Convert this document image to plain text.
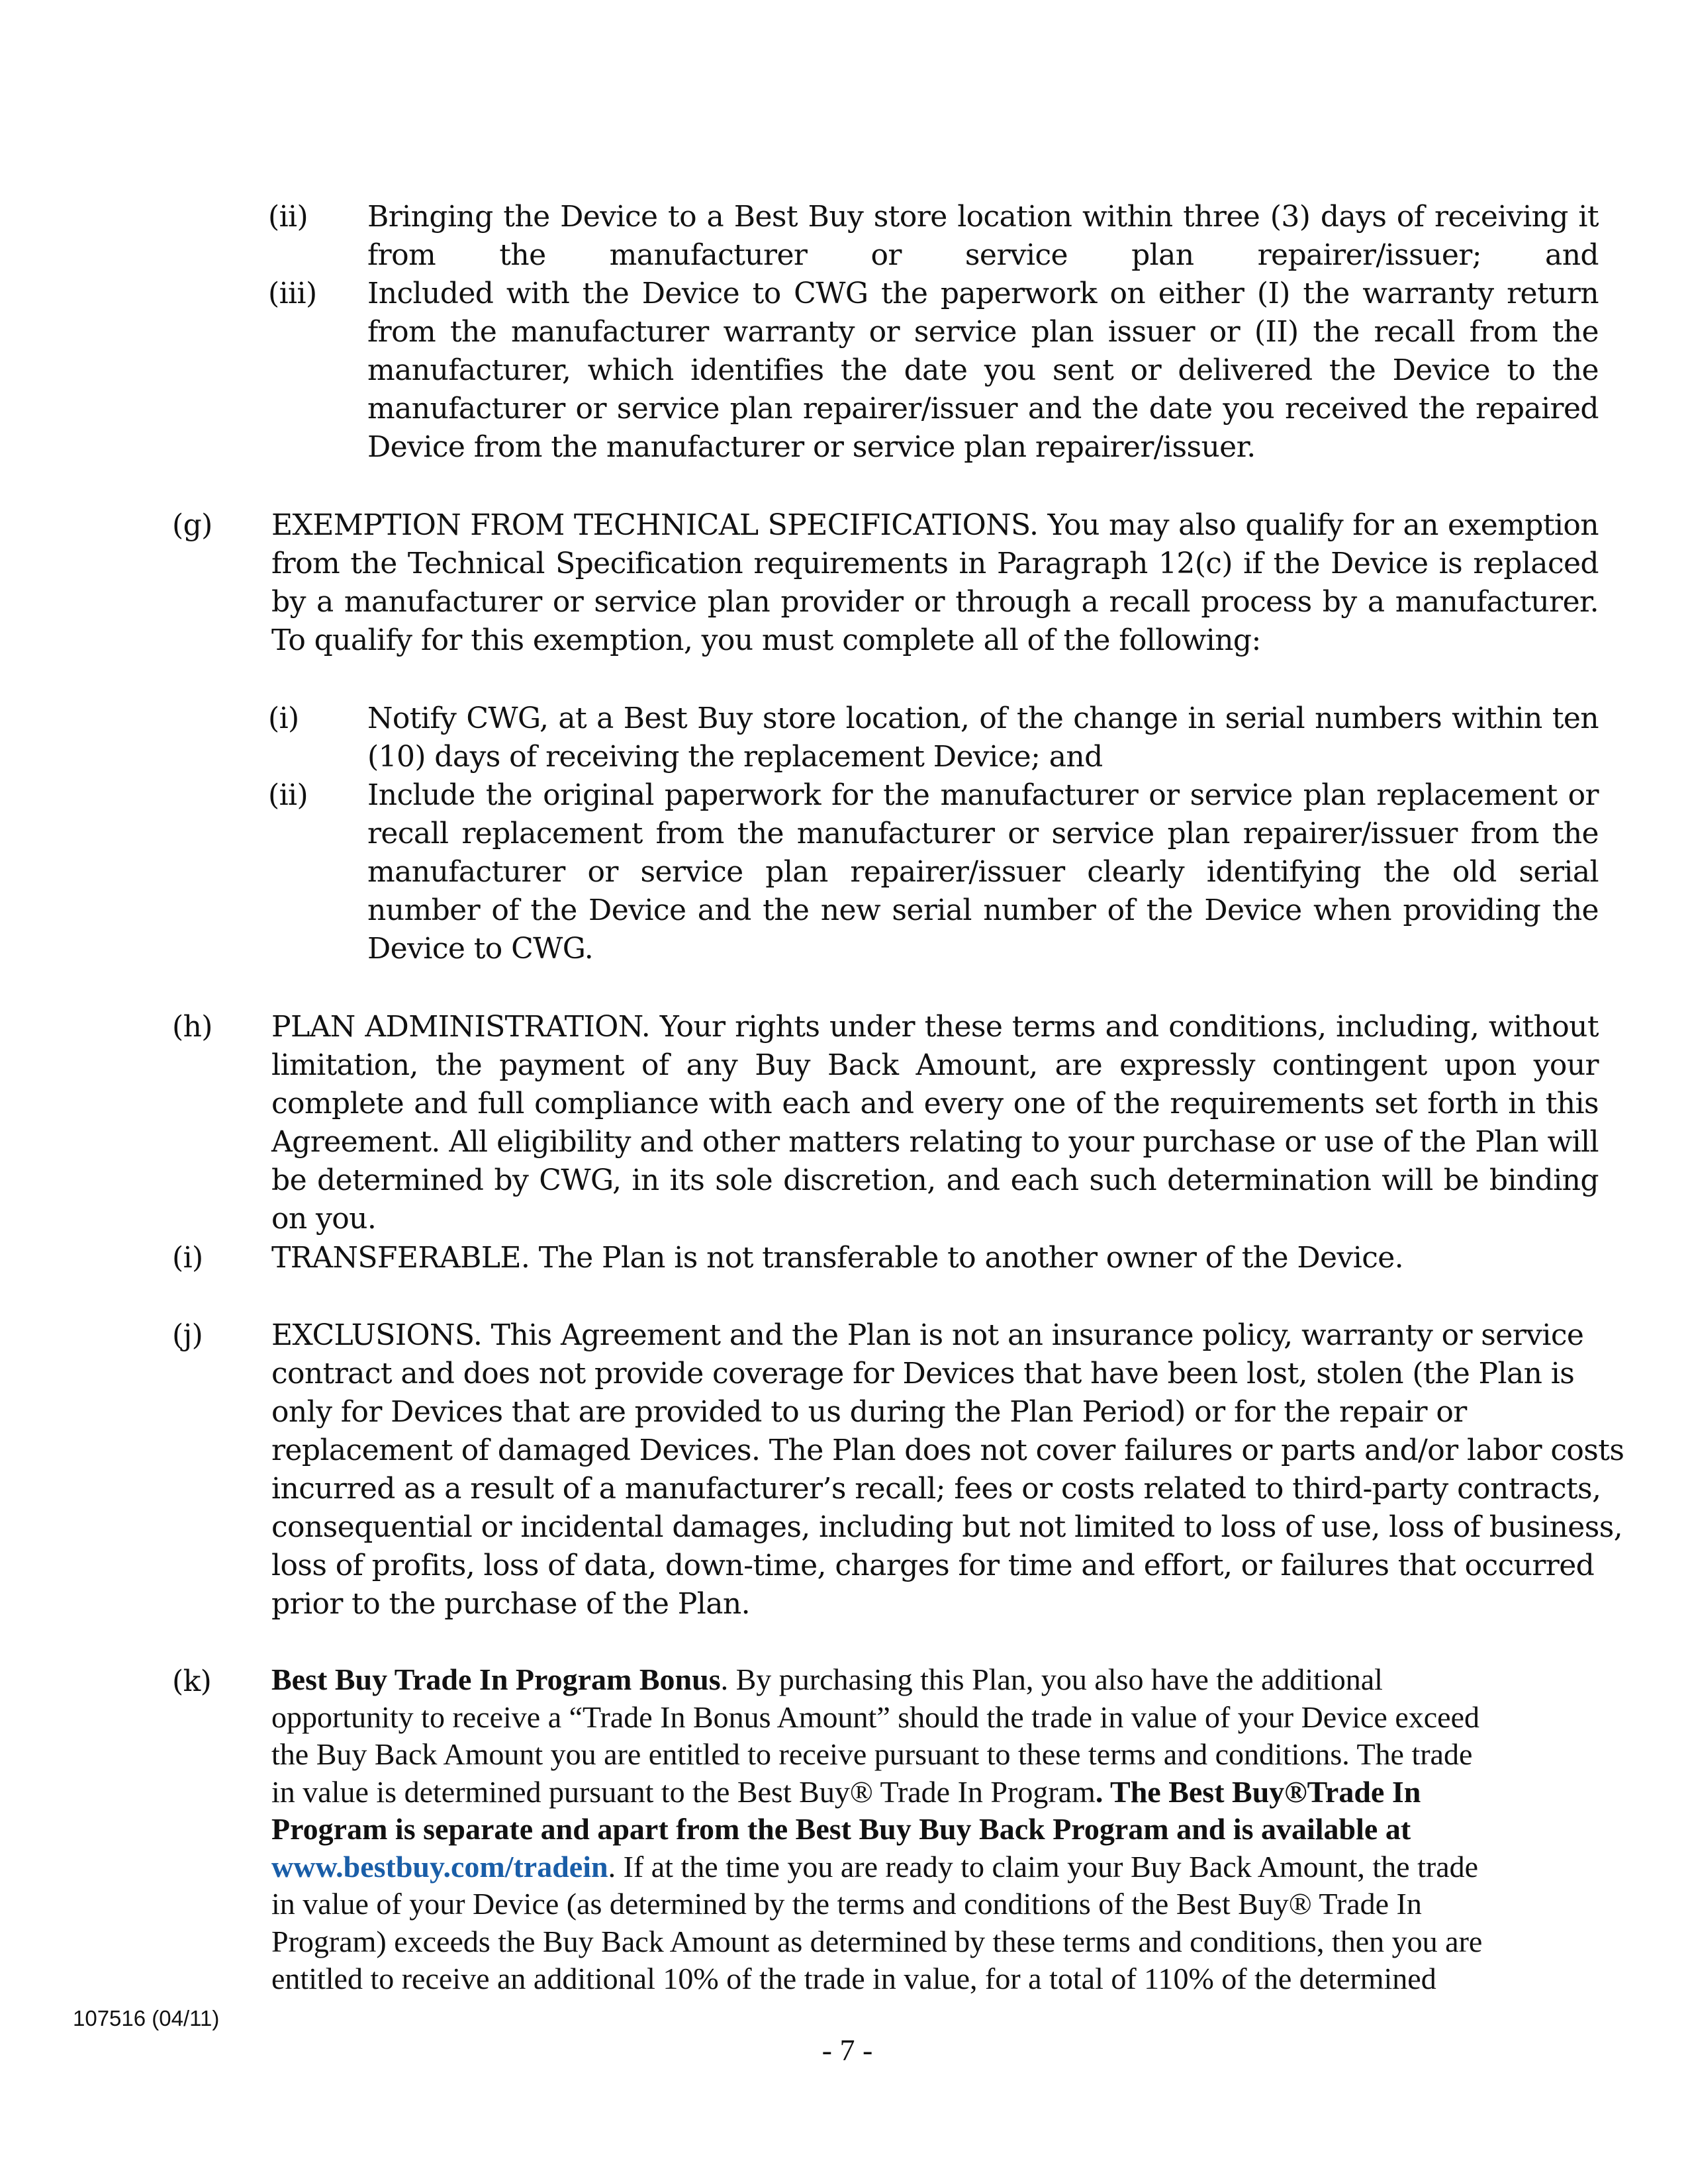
(ii) Bringing the Device to a Best Buy store location within three (3) days of receiving it from the manufacturer or service plan repairer/issuer; and
(iii) Included with the Device to CWG the paperwork on either (I) the warranty return from the manufacturer warranty or service plan issuer or (II) the recall from the manufacturer, which identifies the date you sent or delivered the Device to the manufacturer or service plan repairer/issuer and the date you received the repaired Device from the manufacturer or service plan repairer/issuer.
(g) EXEMPTION FROM TECHNICAL SPECIFICATIONS. You may also qualify for an exemption from the Technical Specification requirements in Paragraph 12(c) if the Device is replaced by a manufacturer or service plan provider or through a recall process by a manufacturer. To qualify for this exemption, you must complete all of the following:
(i) Notify CWG, at a Best Buy store location, of the change in serial numbers within ten (10) days of receiving the replacement Device; and
(ii) Include the original paperwork for the manufacturer or service plan replacement or recall replacement from the manufacturer or service plan repairer/issuer from the manufacturer or service plan repairer/issuer clearly identifying the old serial number of the Device and the new serial number of the Device when providing the Device to CWG.
(h) PLAN ADMINISTRATION. Your rights under these terms and conditions, including, without limitation, the payment of any Buy Back Amount, are expressly contingent upon your complete and full compliance with each and every one of the requirements set forth in this Agreement. All eligibility and other matters relating to your purchase or use of the Plan will be determined by CWG, in its sole discretion, and each such determination will be binding on you.
(i) TRANSFERABLE. The Plan is not transferable to another owner of the Device.
(j) EXCLUSIONS. This Agreement and the Plan is not an insurance policy, warranty or service
contract and does not provide coverage for Devices that have been lost, stolen (the Plan is
only for Devices that are provided to us during the Plan Period) or for the repair or
replacement of damaged Devices. The Plan does not cover failures or parts and/or labor costs
incurred as a result of a manufacturer’s recall; fees or costs related to third-party contracts,
consequential or incidental damages, including but not limited to loss of use, loss of business,
loss of profits, loss of data, down-time, charges for time and effort, or failures that occurred
prior to the purchase of the Plan.
(k) Best Buy Trade In Program Bonus. By purchasing this Plan, you also have the additional
opportunity to receive a “Trade In Bonus Amount” should the trade in value of your Device exceed
the Buy Back Amount you are entitled to receive pursuant to these terms and conditions. The trade
in value is determined pursuant to the Best Buy® Trade In Program. The Best Buy®Trade In
Program is separate and apart from the Best Buy Buy Back Program and is available at
www.bestbuy.com/tradein. If at the time you are ready to claim your Buy Back Amount, the trade
in value of your Device (as determined by the terms and conditions of the Best Buy® Trade In
Program) exceeds the Buy Back Amount as determined by these terms and conditions, then you are
entitled to receive an additional 10% of the trade in value, for a total of 110% of the determined
107516 (04/11)
- 7 -
